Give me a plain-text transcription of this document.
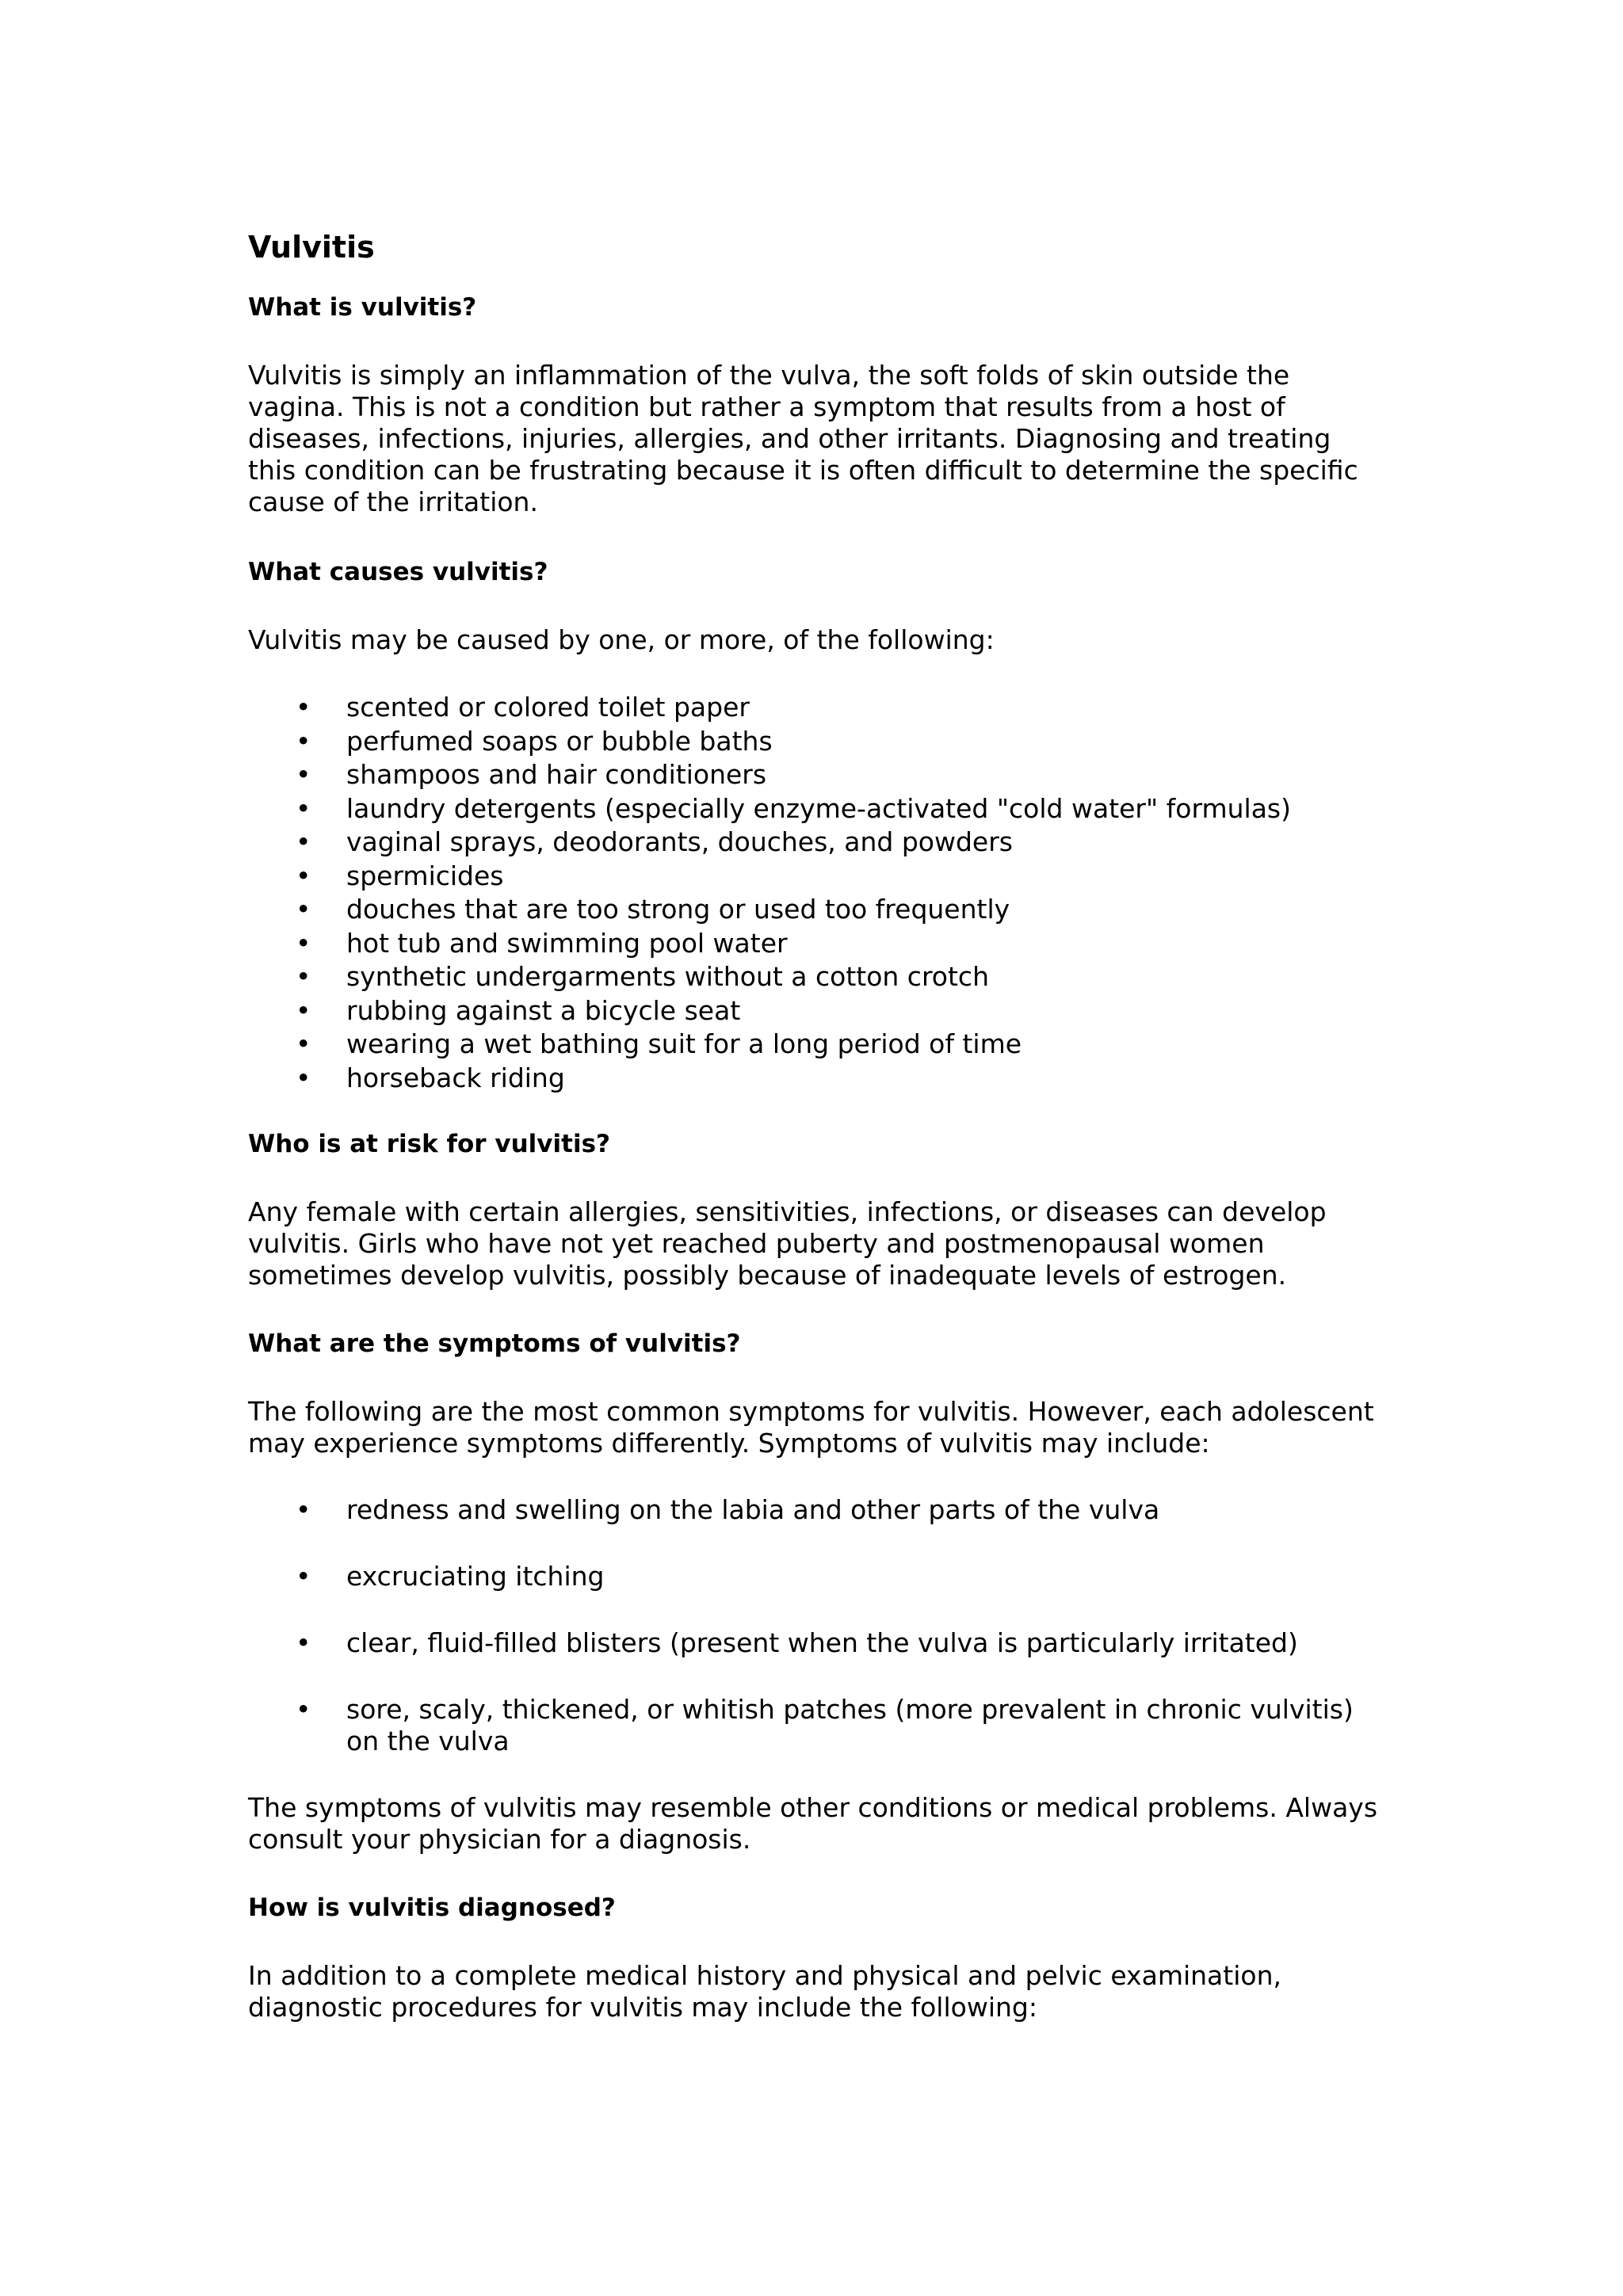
Vulvitis
What is vulvitis?

Vulvitis is simply an inflammation of the vulva, the soft folds of skin outside the
vagina. This is not a condition but rather a symptom that results from a host of
diseases, infections, injuries, allergies, and other irritants. Diagnosing and treating
this condition can be frustrating because it is often difficult to determine the specific
cause of the irritation.

What causes vulvitis?

Vulvitis may be caused by one, or more, of the following:

•	scented or colored toilet paper
•	perfumed soaps or bubble baths
•	shampoos and hair conditioners
•	laundry detergents (especially enzyme-activated "cold water" formulas)
•	vaginal sprays, deodorants, douches, and powders
•	spermicides
•	douches that are too strong or used too frequently
•	hot tub and swimming pool water
•	synthetic undergarments without a cotton crotch
•	rubbing against a bicycle seat
•	wearing a wet bathing suit for a long period of time
•	horseback riding
Who is at risk for vulvitis?

Any female with certain allergies, sensitivities, infections, or diseases can develop
vulvitis. Girls who have not yet reached puberty and postmenopausal women
sometimes develop vulvitis, possibly because of inadequate levels of estrogen.

What are the symptoms of vulvitis?

The following are the most common symptoms for vulvitis. However, each adolescent
may experience symptoms differently. Symptoms of vulvitis may include:

•	redness and swelling on the labia and other parts of the vulva
•	excruciating itching
•	clear, fluid-filled blisters (present when the vulva is particularly irritated)
•	sore, scaly, thickened, or whitish patches (more prevalent in chronic vulvitis)
on the vulva

The symptoms of vulvitis may resemble other conditions or medical problems. Always
consult your physician for a diagnosis.

How is vulvitis diagnosed?

In addition to a complete medical history and physical and pelvic examination,
diagnostic procedures for vulvitis may include the following:
